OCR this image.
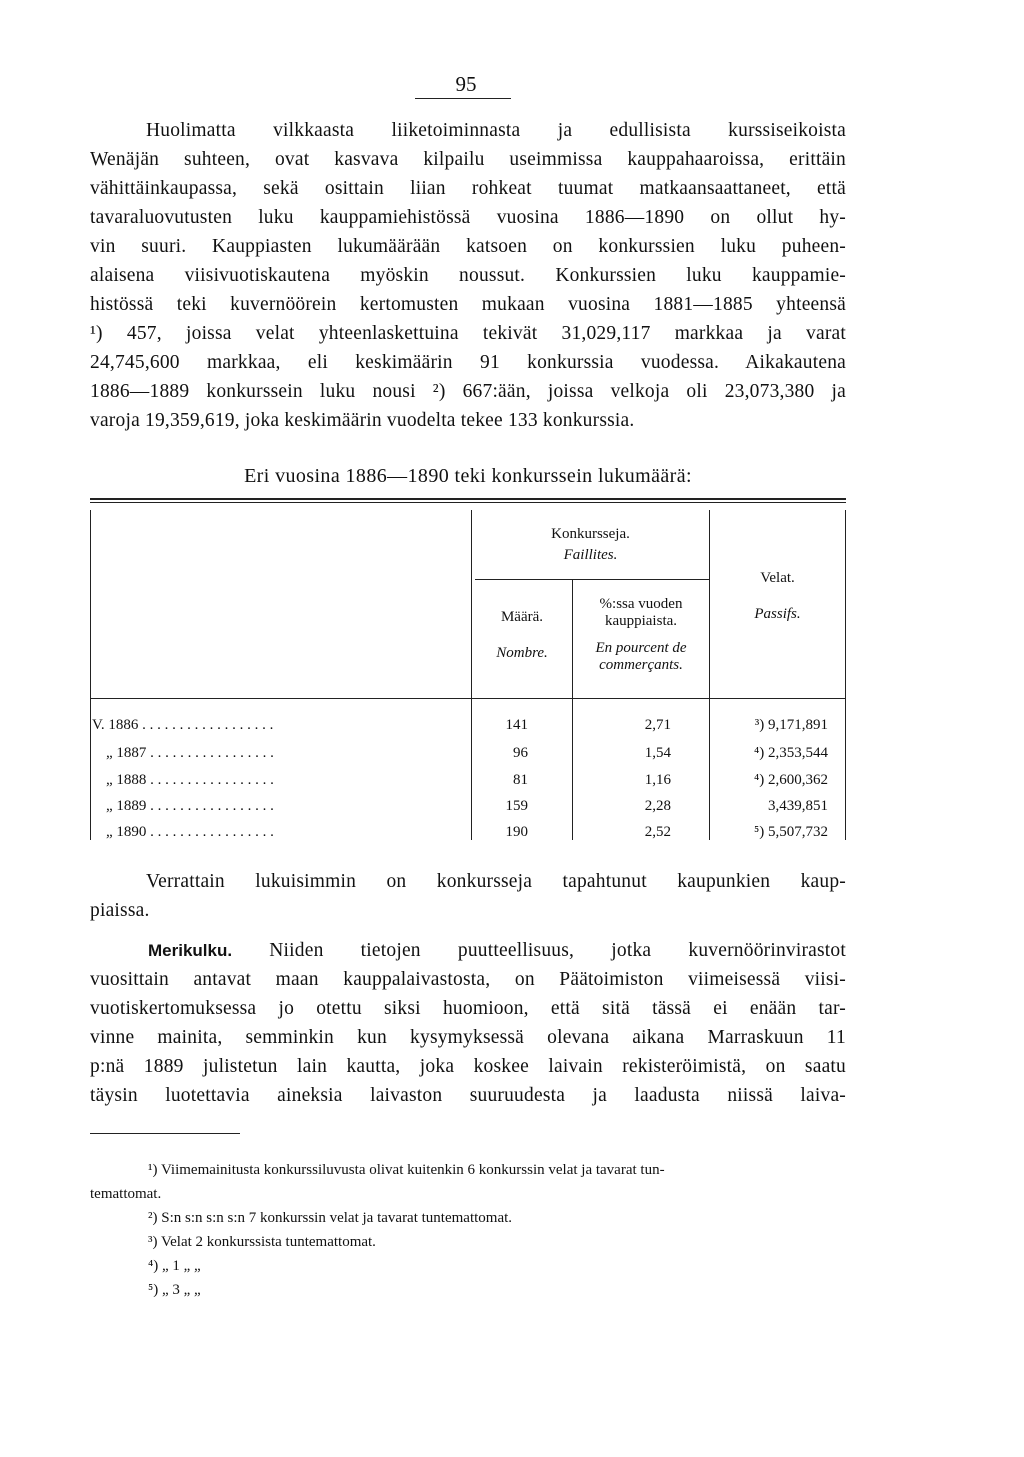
95
Huolimatta vilkkaasta liiketoiminnasta ja edullisista kurssiseikoista
Wenäjän suhteen, ovat kasvava kilpailu useimmissa kauppahaaroissa, erittäin
vähittäinkaupassa, sekä osittain liian rohkeat tuumat matkaansaattaneet, että
tavaraluovutusten luku kauppamiehistössä vuosina 1886—1890 on ollut hy-
vin suuri. Kauppiasten lukumäärään katsoen on konkurssien luku puheen-
alaisena viisivuotiskautena myöskin noussut. Konkurssien luku kauppamie-
histössä teki kuvernöörein kertomusten mukaan vuosina 1881—1885 yhteensä
¹) 457, joissa velat yhteenlaskettuina tekivät 31,029,117 markkaa ja varat
24,745,600 markkaa, eli keskimäärin 91 konkurssia vuodessa. Aikakautena
1886—1889 konkurssein luku nousi ²) 667:ään, joissa velkoja oli 23,073,380 ja
varoja 19,359,619, joka keskimäärin vuodelta tekee 133 konkurssia.
Eri vuosina 1886—1890 teki konkurssein lukumäärä:
Konkursseja.
Faillites.
Määrä.
Nombre.
%:ssa vuoden
kauppiaista.
En pourcent de
commerçants.
Velat.
Passifs.
V. 1886 . . . . . . . . . . . . . . . . . .	141	2,71	³) 9,171,891
„ 1887 . . . . . . . . . . . . . . . . .	96	1,54	⁴) 2,353,544
„ 1888 . . . . . . . . . . . . . . . . .	81	1,16	⁴) 2,600,362
„ 1889 . . . . . . . . . . . . . . . . .	159	2,28	3,439,851
„ 1890 . . . . . . . . . . . . . . . . .	190	2,52	⁵) 5,507,732
Verrattain lukuisimmin on konkursseja tapahtunut kaupunkien kaup-
piaissa.
Merikulku. Niiden tietojen puutteellisuus, jotka kuvernöörinvirastot
vuosittain antavat maan kauppalaivastosta, on Päätoimiston viimeisessä viisi-
vuotiskertomuksessa jo otettu siksi huomioon, että sitä tässä ei enään tar-
vinne mainita, semminkin kun kysymyksessä olevana aikana Marraskuun 11
p:nä 1889 julistetun lain kautta, joka koskee laivain rekisteröimistä, on saatu
täysin luotettavia aineksia laivaston suuruudesta ja laadusta niissä laiva-
¹) Viimemainitusta konkurssiluvusta olivat kuitenkin 6 konkurssin velat ja tavarat tun-
temattomat.
²) S:n s:n s:n s:n 7 konkurssin velat ja tavarat tuntemattomat.
³) Velat 2 konkurssista tuntemattomat.
⁴) „ 1 „ „
⁵) „ 3 „ „
